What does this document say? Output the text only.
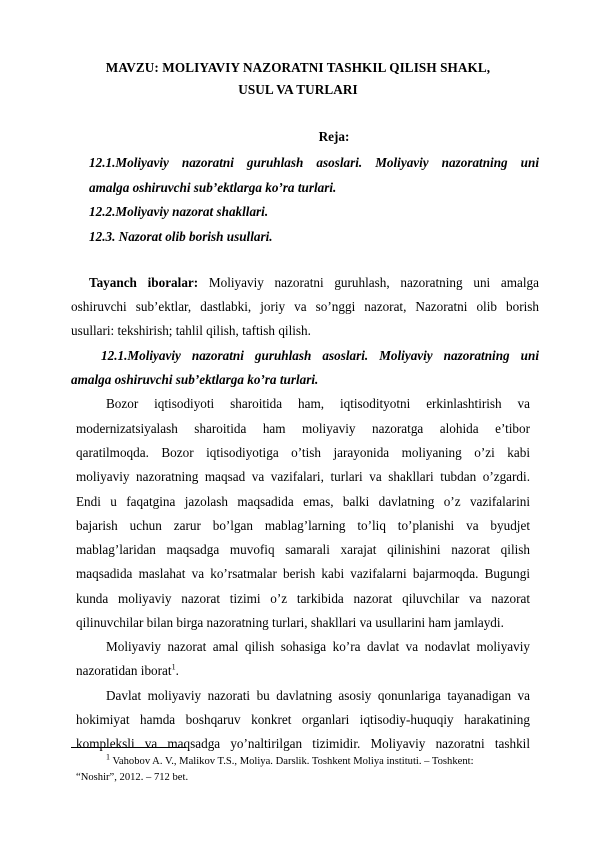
MAVZU: MOLIYAVIY NAZORATNI TASHKIL QILISH SHAKL,
USUL VA TURLARI
Reja:
12.1.Moliyaviy nazoratni guruhlash asoslari. Moliyaviy nazoratning uni
amalga oshiruvchi sub’ektlarga ko’ra turlari.
12.2.Moliyaviy nazorat shakllari.
12.3. Nazorat olib borish usullari.
Tayanch iboralar: Moliyaviy nazoratni guruhlash, nazoratning uni amalga
oshiruvchi sub’ektlar, dastlabki, joriy va so’nggi nazorat, Nazoratni olib borish
usullari: tekshirish; tahlil qilish, taftish qilish.
12.1.Moliyaviy nazoratni guruhlash asoslari. Moliyaviy nazoratning uni
amalga oshiruvchi sub’ektlarga ko’ra turlari.
Bozor iqtisodiyoti sharoitida ham, iqtisodityotni erkinlashtirish va
modernizatsiyalash sharoitida ham moliyaviy nazoratga alohida e’tibor
qaratilmoqda. Bozor iqtisodiyotiga o’tish jarayonida moliyaning o’zi kabi
moliyaviy nazoratning maqsad va vazifalari, turlari va shakllari tubdan o’zgardi.
Endi u faqatgina jazolash maqsadida emas, balki davlatning o’z vazifalarini
bajarish uchun zarur bo’lgan mablag’larning to’liq to’planishi va byudjet
mablag’laridan maqsadga muvofiq samarali xarajat qilinishini nazorat qilish
maqsadida maslahat va ko’rsatmalar berish kabi vazifalarni bajarmoqda. Bugungi
kunda moliyaviy nazorat tizimi o’z tarkibida nazorat qiluvchilar va nazorat
qilinuvchilar bilan birga nazoratning turlari, shakllari va usullarini ham jamlaydi.
Moliyaviy nazorat amal qilish sohasiga ko’ra davlat va nodavlat moliyaviy
nazoratidan iborat$^1$.
Davlat moliyaviy nazorati bu davlatning asosiy qonunlariga tayanadigan va
hokimiyat hamda boshqaruv konkret organlari iqtisodiy-huquqiy harakatining
kompleksli va maqsadga yo’naltirilgan tizimidir. Moliyaviy nazoratni tashkil
$^1$ Vahobov A. V., Malikov T.S., Moliya. Darslik. Toshkent Moliya instituti. – Toshkent:
“Noshir”, 2012. – 712 bet.
